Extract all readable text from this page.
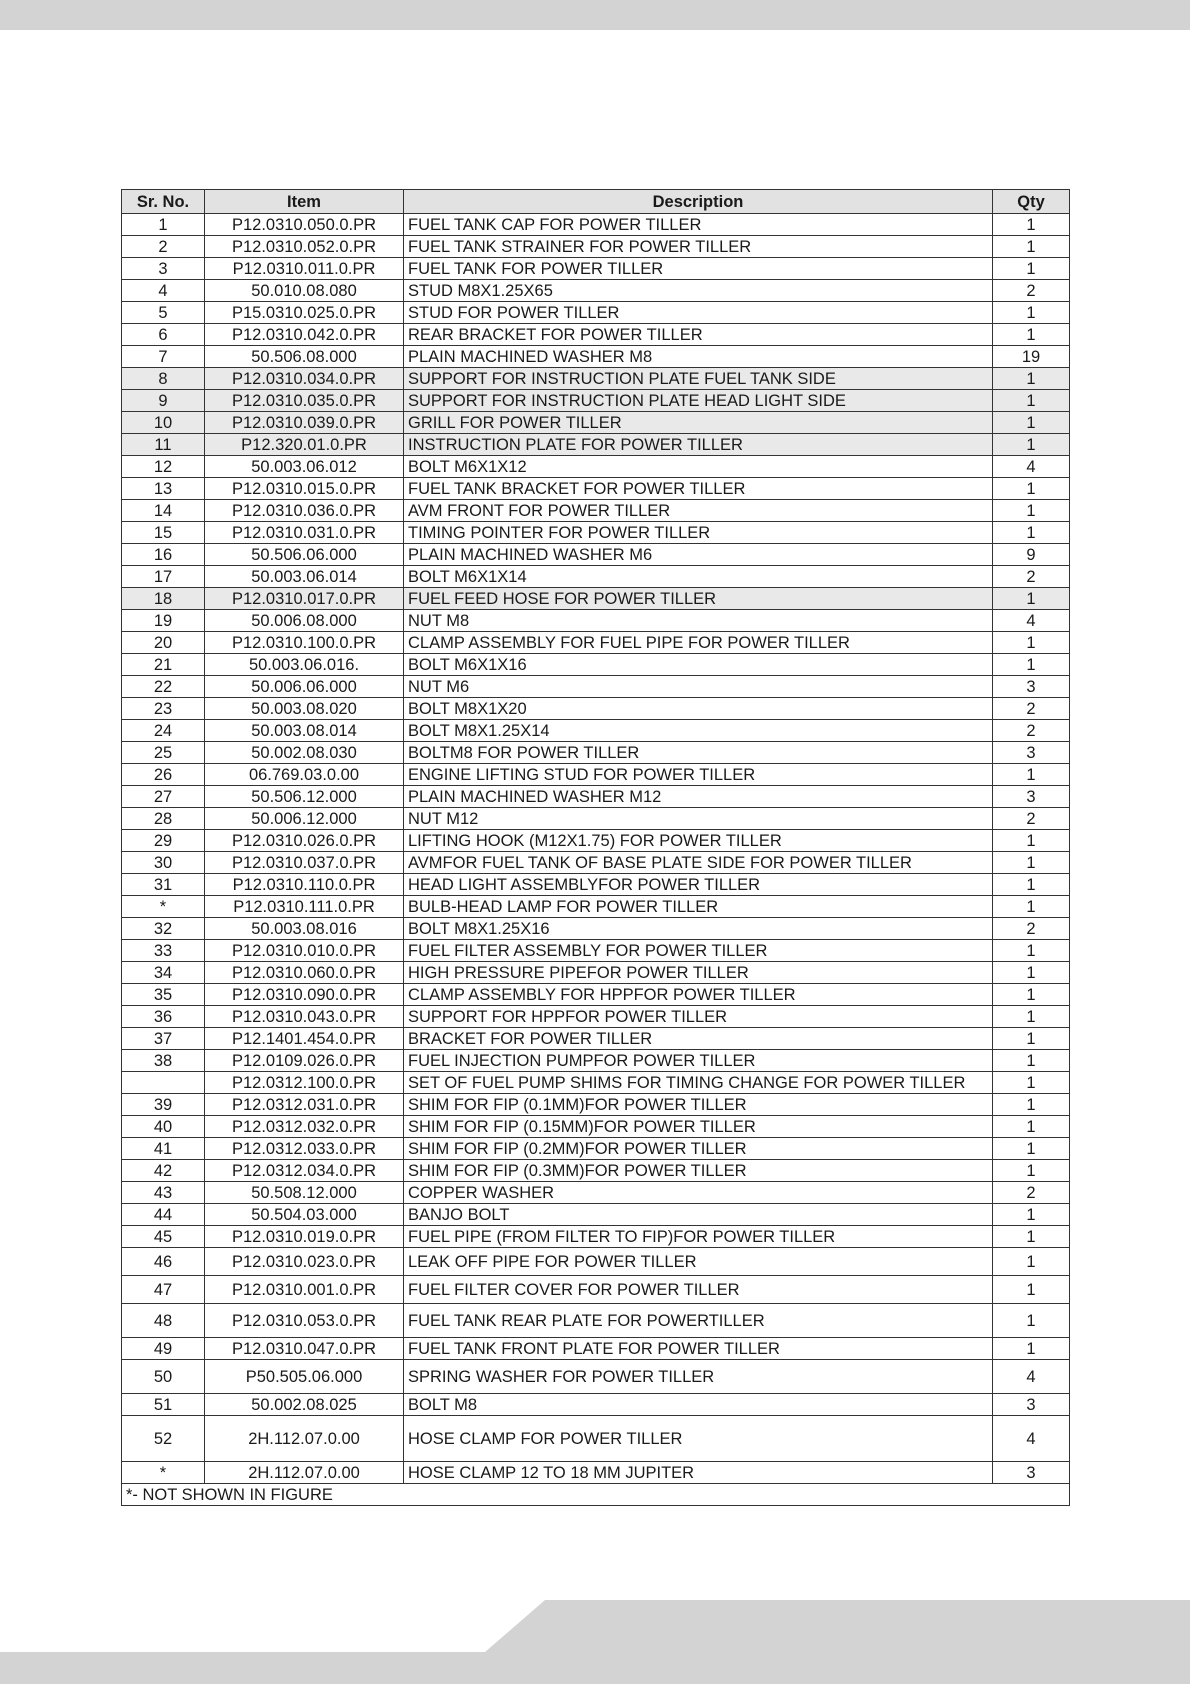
Sr. No.	Item	Description	Qty
1	P12.0310.050.0.PR	FUEL TANK CAP FOR POWER TILLER	1
2	P12.0310.052.0.PR	FUEL TANK STRAINER FOR POWER TILLER	1
3	P12.0310.011.0.PR	FUEL TANK FOR POWER TILLER	1
4	50.010.08.080	STUD M8X1.25X65	2
5	P15.0310.025.0.PR	STUD FOR POWER TILLER	1
6	P12.0310.042.0.PR	REAR BRACKET FOR POWER TILLER	1
7	50.506.08.000	PLAIN MACHINED WASHER M8	19
8	P12.0310.034.0.PR	SUPPORT FOR INSTRUCTION PLATE FUEL TANK SIDE	1
9	P12.0310.035.0.PR	SUPPORT FOR INSTRUCTION PLATE HEAD LIGHT SIDE	1
10	P12.0310.039.0.PR	GRILL FOR POWER TILLER	1
11	P12.320.01.0.PR	INSTRUCTION PLATE FOR POWER TILLER	1
12	50.003.06.012	BOLT M6X1X12	4
13	P12.0310.015.0.PR	FUEL TANK BRACKET FOR POWER TILLER	1
14	P12.0310.036.0.PR	AVM FRONT FOR POWER TILLER	1
15	P12.0310.031.0.PR	TIMING POINTER FOR POWER TILLER	1
16	50.506.06.000	PLAIN MACHINED WASHER M6	9
17	50.003.06.014	BOLT M6X1X14	2
18	P12.0310.017.0.PR	FUEL FEED HOSE FOR POWER TILLER	1
19	50.006.08.000	NUT M8	4
20	P12.0310.100.0.PR	CLAMP ASSEMBLY FOR FUEL PIPE FOR POWER TILLER	1
21	50.003.06.016.	BOLT M6X1X16	1
22	50.006.06.000	NUT M6	3
23	50.003.08.020	BOLT M8X1X20	2
24	50.003.08.014	BOLT M8X1.25X14	2
25	50.002.08.030	BOLTM8 FOR POWER TILLER	3
26	06.769.03.0.00	ENGINE LIFTING STUD FOR POWER TILLER	1
27	50.506.12.000	PLAIN MACHINED WASHER M12	3
28	50.006.12.000	NUT M12	2
29	P12.0310.026.0.PR	LIFTING HOOK (M12X1.75) FOR POWER TILLER	1
30	P12.0310.037.0.PR	AVMFOR FUEL TANK OF BASE PLATE SIDE FOR POWER TILLER	1
31	P12.0310.110.0.PR	HEAD LIGHT ASSEMBLYFOR POWER TILLER	1
*	P12.0310.111.0.PR	BULB-HEAD LAMP FOR POWER TILLER	1
32	50.003.08.016	BOLT M8X1.25X16	2
33	P12.0310.010.0.PR	FUEL FILTER ASSEMBLY FOR POWER TILLER	1
34	P12.0310.060.0.PR	HIGH PRESSURE PIPEFOR POWER TILLER	1
35	P12.0310.090.0.PR	CLAMP ASSEMBLY FOR HPPFOR POWER TILLER	1
36	P12.0310.043.0.PR	SUPPORT FOR HPPFOR POWER TILLER	1
37	P12.1401.454.0.PR	BRACKET FOR POWER TILLER	1
38	P12.0109.026.0.PR	FUEL INJECTION PUMPFOR POWER TILLER	1
	P12.0312.100.0.PR	SET OF FUEL PUMP SHIMS FOR TIMING CHANGE FOR POWER TILLER	1
39	P12.0312.031.0.PR	SHIM FOR FIP (0.1MM)FOR POWER TILLER	1
40	P12.0312.032.0.PR	SHIM FOR FIP (0.15MM)FOR POWER TILLER	1
41	P12.0312.033.0.PR	SHIM FOR FIP (0.2MM)FOR POWER TILLER	1
42	P12.0312.034.0.PR	SHIM FOR FIP (0.3MM)FOR POWER TILLER	1
43	50.508.12.000	COPPER WASHER	2
44	50.504.03.000	BANJO BOLT	1
45	P12.0310.019.0.PR	FUEL PIPE (FROM FILTER TO FIP)FOR POWER TILLER	1
46	P12.0310.023.0.PR	LEAK OFF PIPE FOR POWER TILLER	1
47	P12.0310.001.0.PR	FUEL FILTER COVER FOR POWER TILLER	1
48	P12.0310.053.0.PR	FUEL TANK REAR PLATE FOR POWERTILLER	1
49	P12.0310.047.0.PR	FUEL TANK FRONT PLATE FOR POWER TILLER	1
50	P50.505.06.000	SPRING WASHER FOR POWER TILLER	4
51	50.002.08.025	BOLT M8	3
52	2H.112.07.0.00	HOSE CLAMP FOR POWER TILLER	4
*	2H.112.07.0.00	HOSE CLAMP 12 TO 18 MM JUPITER	3
*- NOT SHOWN IN FIGURE			
